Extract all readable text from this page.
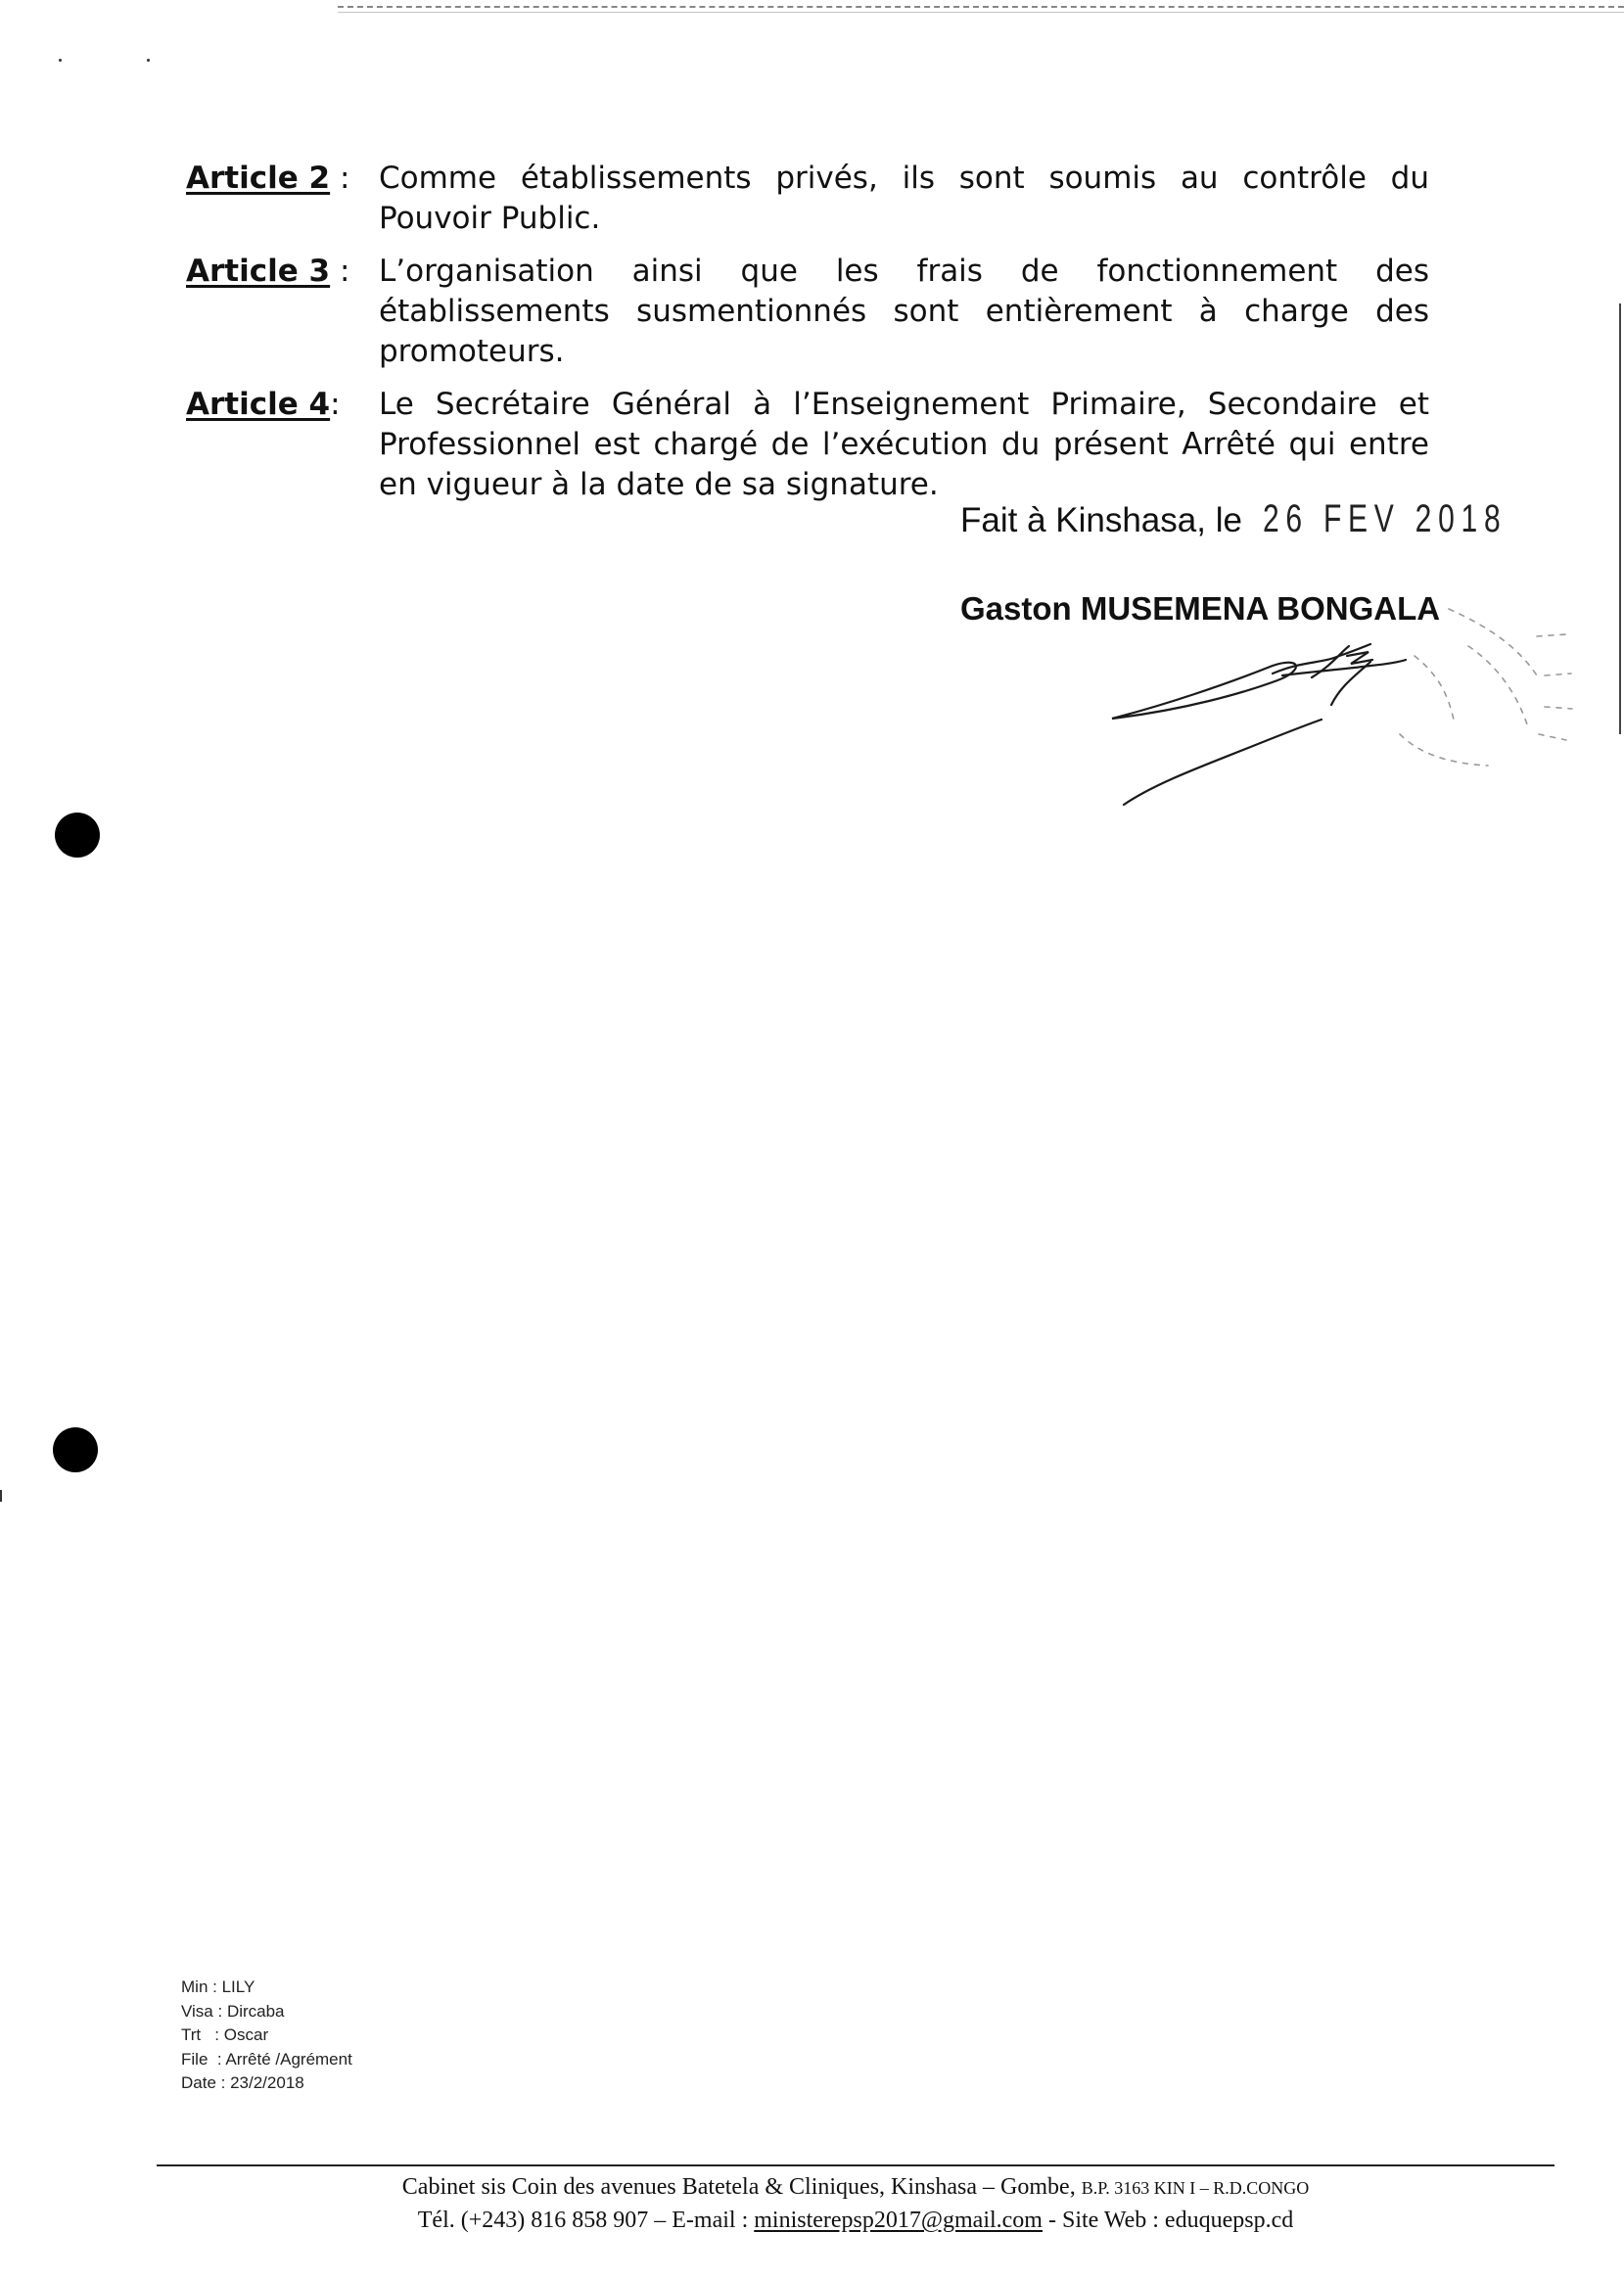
Article 2 : Comme établissements privés, ils sont soumis au contrôle du Pouvoir Public.
Article 3 : L’organisation ainsi que les frais de fonctionnement des établissements susmentionnés sont entièrement à charge des promoteurs.
Article 4:	Le Secrétaire Général à l’Enseignement Primaire, Secondaire et Professionnel est chargé de l’exécution du présent Arrêté qui entre en vigueur à la date de sa signature.
Fait à Kinshasa, le 26 FEV 2018
Gaston MUSEMENA BONGALA
Min : LILY
Visa : Dircaba
Trt   : Oscar
File  : Arrêté /Agrément
Date : 23/2/2018
Cabinet sis Coin des avenues Batetela & Cliniques, Kinshasa – Gombe, B.P. 3163 KIN I – R.D.CONGO
Tél. (+243) 816 858 907 – E-mail : ministerepsp2017@gmail.com - Site Web : eduquepsp.cd
